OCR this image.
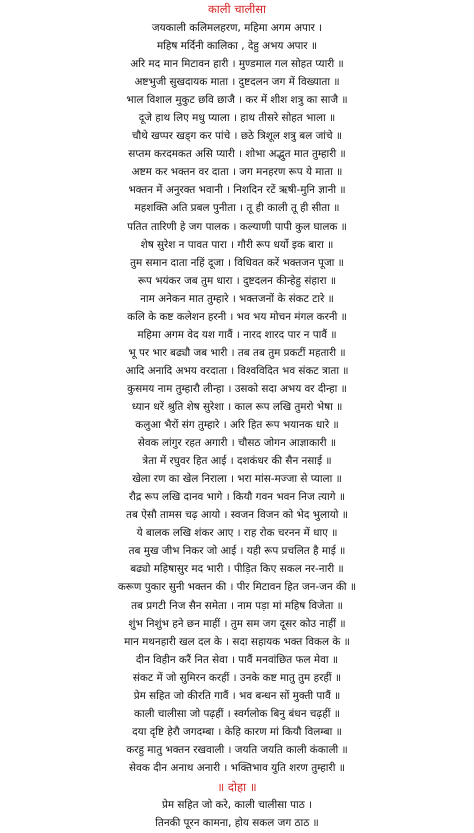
काली चालीसा
जयकाली कलिमलहरण, महिमा अगम अपार ।
महिष मर्दिनी कालिका , देहु अभय अपार ॥
अरि मद मान मिटावन हारी । मुण्डमाल गल सोहत प्यारी ॥
अष्टभुजी सुखदायक माता । दुष्टदलन जग में विख्याता ॥
भाल विशाल मुकुट छवि छाजै । कर में शीश शत्रु का साजै ॥
दूजे हाथ लिए मधु प्याला । हाथ तीसरे सोहत भाला ॥
चौथे खप्पर खड्ग कर पांचे । छठे त्रिशूल शत्रु बल जांचे ॥
सप्तम करदमकत असि प्यारी । शोभा अद्भुत मात तुम्हारी ॥
अष्टम कर भक्तन वर दाता । जग मनहरण रूप ये माता ॥
भक्तन में अनुरक्त भवानी । निशदिन रटें ऋषी-मुनि ज्ञानी ॥
महशक्ति अति प्रबल पुनीता । तू ही काली तू ही सीता ॥
पतित तारिणी हे जग पालक । कल्याणी पापी कुल घालक ॥
शेष सुरेश न पावत पारा । गौरी रूप धर्यो इक बारा ॥
तुम समान दाता नहिं दूजा । विधिवत करें भक्तजन पूजा ॥
रूप भयंकर जब तुम धारा । दुष्टदलन कीन्हेहु संहारा ॥
नाम अनेकन मात तुम्हारे । भक्तजनों के संकट टारे ॥
कलि के कष्ट कलेशन हरनी । भव भय मोचन मंगल करनी ॥
महिमा अगम वेद यश गावैं । नारद शारद पार न पावैं ॥
भू पर भार बढ्यौ जब भारी । तब तब तुम प्रकटीं महतारी ॥
आदि अनादि अभय वरदाता । विश्वविदित भव संकट त्राता ॥
कुसमय नाम तुम्हारौ लीन्हा । उसको सदा अभय वर दीन्हा ॥
ध्यान धरें श्रुति शेष सुरेशा । काल रूप लखि तुमरो भेषा ॥
कलुआ भैरों संग तुम्हारे । अरि हित रूप भयानक धारे ॥
सेवक लांगुर रहत अगारी । चौसठ जोगन आज्ञाकारी ॥
त्रेता में रघुवर हित आई । दशकंधर की सैन नसाई ॥
खेला रण का खेल निराला । भरा मांस-मज्जा से प्याला ॥
रौद्र रूप लखि दानव भागे । कियौ गवन भवन निज त्यागे ॥
तब ऐसौ तामस चढ़ आयो । स्वजन विजन को भेद भुलायो ॥
ये बालक लखि शंकर आए । राह रोक चरनन में धाए ॥
तब मुख जीभ निकर जो आई । यही रूप प्रचलित है माई ॥
बढ्यो महिषासुर मद भारी । पीड़ित किए सकल नर-नारी ॥
करूण पुकार सुनी भक्तन की । पीर मिटावन हित जन-जन की ॥
तब प्रगटी निज सैन समेता । नाम पड़ा मां महिष विजेता ॥
शुंभ निशुंभ हने छन माहीं । तुम सम जग दूसर कोउ नाहीं ॥
मान मथनहारी खल दल के । सदा सहायक भक्त विकल के ॥
दीन विहीन करैं नित सेवा । पावैं मनवांछित फल मेवा ॥
संकट में जो सुमिरन करहीं । उनके कष्ट मातु तुम हरहीं ॥
प्रेम सहित जो कीरति गावैं । भव बन्धन सों मुक्ती पावैं ॥
काली चालीसा जो पढ़हीं । स्वर्गलोक बिनु बंधन चढ़हीं ॥
दया दृष्टि हेरौ जगदम्बा । केहि कारण मां कियौ विलम्बा ॥
करहु मातु भक्तन रखवाली । जयति जयति काली कंकाली ॥
सेवक दीन अनाथ अनारी । भक्तिभाव युति शरण तुम्हारी ॥
॥ दोहा ॥
प्रेम सहित जो करे, काली चालीसा पाठ ।
तिनकी पूरन कामना, होय सकल जग ठाठ ॥
